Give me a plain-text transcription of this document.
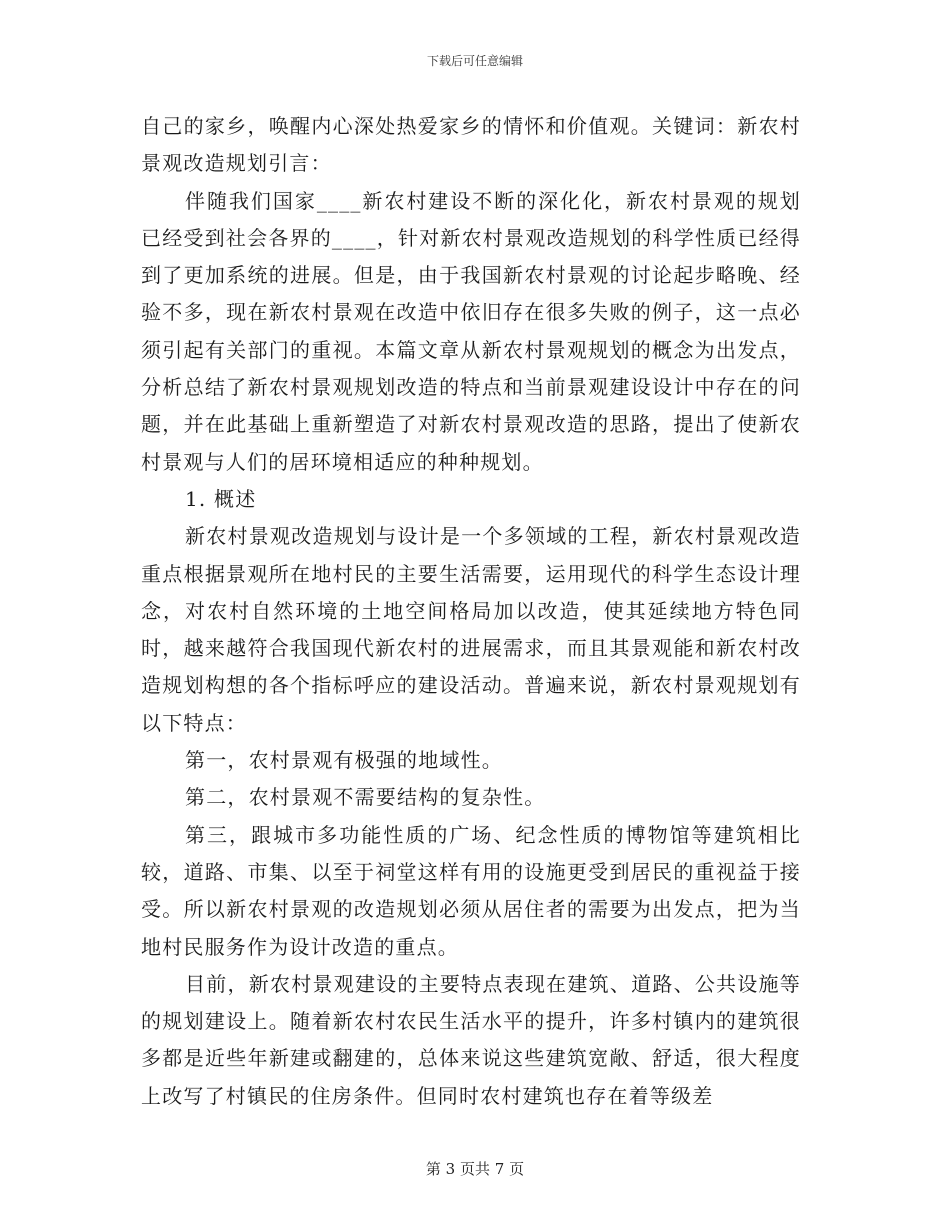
下载后可任意编辑

自己的家乡，唤醒内心深处热爱家乡的情怀和价值观。关键词：新农村景观改造规划引言：

伴随我们国家____新农村建设不断的深化化，新农村景观的规划已经受到社会各界的____，针对新农村景观改造规划的科学性质已经得到了更加系统的进展。但是，由于我国新农村景观的讨论起步略晚、经验不多，现在新农村景观在改造中依旧存在很多失败的例子，这一点必须引起有关部门的重视。本篇文章从新农村景观规划的概念为出发点，分析总结了新农村景观规划改造的特点和当前景观建设设计中存在的问题，并在此基础上重新塑造了对新农村景观改造的思路，提出了使新农村景观与人们的居环境相适应的种种规划。

1. 概述

新农村景观改造规划与设计是一个多领域的工程，新农村景观改造重点根据景观所在地村民的主要生活需要，运用现代的科学生态设计理念，对农村自然环境的土地空间格局加以改造，使其延续地方特色同时，越来越符合我国现代新农村的进展需求，而且其景观能和新农村改造规划构想的各个指标呼应的建设活动。普遍来说，新农村景观规划有以下特点：

第一，农村景观有极强的地域性。

第二，农村景观不需要结构的复杂性。

第三，跟城市多功能性质的广场、纪念性质的博物馆等建筑相比较，道路、市集、以至于祠堂这样有用的设施更受到居民的重视益于接受。所以新农村景观的改造规划必须从居住者的需要为出发点，把为当地村民服务作为设计改造的重点。

目前，新农村景观建设的主要特点表现在建筑、道路、公共设施等的规划建设上。随着新农村农民生活水平的提升，许多村镇内的建筑很多都是近些年新建或翻建的，总体来说这些建筑宽敞、舒适，很大程度上改写了村镇民的住房条件。但同时农村建筑也存在着等级差

第 3 页共 7 页
